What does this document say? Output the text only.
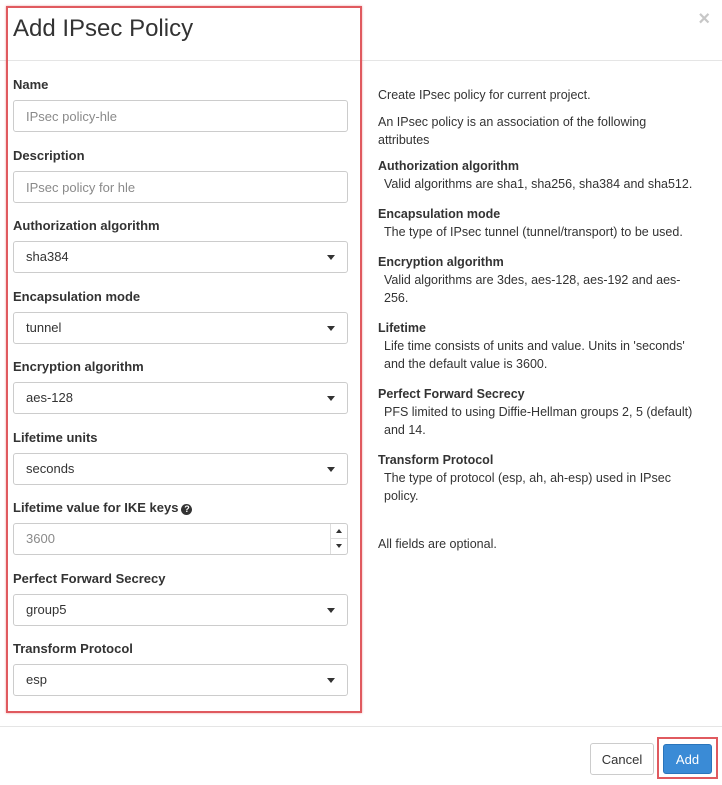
Add IPsec Policy	×
Name
IPsec policy-hle
Description
IPsec policy for hle
Authorization algorithm
sha384
Encapsulation mode
tunnel
Encryption algorithm
aes-128
Lifetime units
seconds
Lifetime value for IKE keys ?
3600
Perfect Forward Secrecy
group5
Transform Protocol
esp

Create IPsec policy for current project.

An IPsec policy is an association of the following attributes

Authorization algorithm
Valid algorithms are sha1, sha256, sha384 and sha512.
Encapsulation mode
The type of IPsec tunnel (tunnel/transport) to be used.
Encryption algorithm
Valid algorithms are 3des, aes-128, aes-192 and aes-256.
Lifetime
Life time consists of units and value. Units in 'seconds' and the default value is 3600.
Perfect Forward Secrecy
PFS limited to using Diffie-Hellman groups 2, 5 (default) and 14.
Transform Protocol
The type of protocol (esp, ah, ah-esp) used in IPsec policy.

All fields are optional.

Cancel	Add
